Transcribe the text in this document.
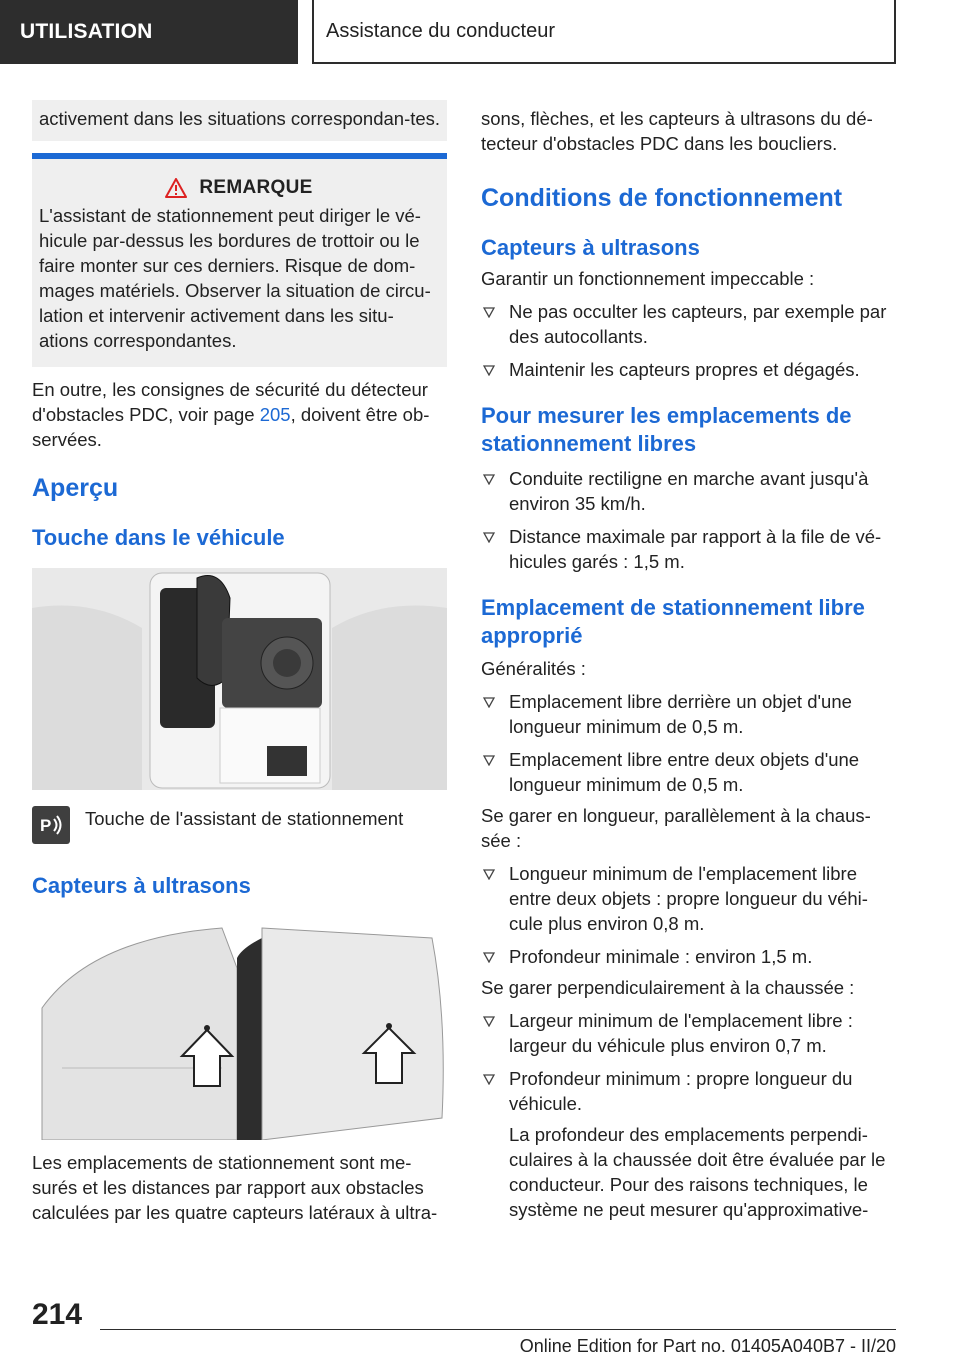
UTILISATION	Assistance du conducteur
activement dans les situations correspondan-tes.
REMARQUE

L'assistant de stationnement peut diriger le vé-hicule par-dessus les bordures de trottoir ou le faire monter sur ces derniers. Risque de dom-mages matériels. Observer la situation de circu-lation et intervenir activement dans les situ-ations correspondantes.

En outre, les consignes de sécurité du détecteur d'obstacles PDC, voir page 205, doivent être ob-servées.

Aperçu
Touche dans le véhicule
P Touche de l'assistant de stationnement

Capteurs à ultrasons

Les emplacements de stationnement sont me-surés et les distances par rapport aux obstacles calculées par les quatre capteurs latéraux à ultra-

sons, flèches, et les capteurs à ultrasons du dé-tecteur d'obstacles PDC dans les boucliers.

Conditions de fonctionnement
Capteurs à ultrasons

Garantir un fonctionnement impeccable :

Ne pas occulter les capteurs, par exemple par des autocollants.
Maintenir les capteurs propres et dégagés.
Pour mesurer les emplacements de stationnement libres
Conduite rectiligne en marche avant jusqu'à environ 35 km/h.
Distance maximale par rapport à la file de vé-hicules garés : 1,5 m.
Emplacement de stationnement libre approprié

Généralités :

Emplacement libre derrière un objet d'une longueur minimum de 0,5 m.
Emplacement libre entre deux objets d'une longueur minimum de 0,5 m.

Se garer en longueur, parallèlement à la chaus-sée :

Longueur minimum de l'emplacement libre entre deux objets : propre longueur du véhi-cule plus environ 0,8 m.
Profondeur minimale : environ 1,5 m.

Se garer perpendiculairement à la chaussée :

Largeur minimum de l'emplacement libre : largeur du véhicule plus environ 0,7 m.
Profondeur minimum : propre longueur du véhicule.

La profondeur des emplacements perpendi-culaires à la chaussée doit être évaluée par le conducteur. Pour des raisons techniques, le système ne peut mesurer qu'approximative-

214
Online Edition for Part no. 01405A040B7 - II/20
